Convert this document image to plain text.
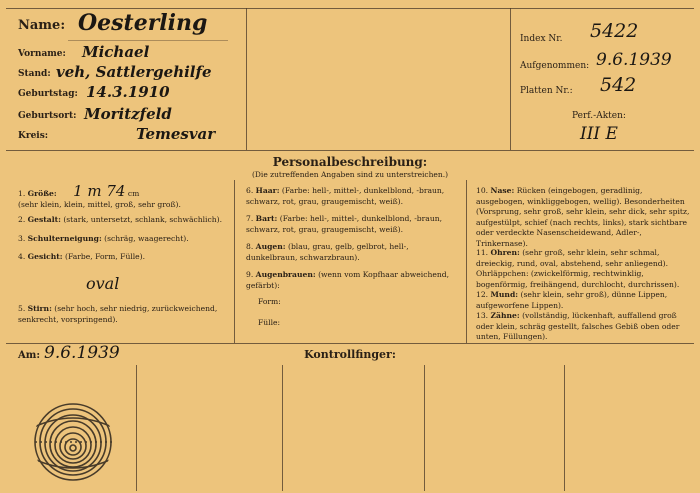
Name: Oesterling
Vorname: Michael
Stand: veh, Sattlergehilfe
Geburtstag: 14.3.1910
Geburtsort: Moritzfeld
Kreis:	Temesvar
Index Nr. 5422
Aufgenommen: 9.6.1939
Platten Nr.: 542
Perf.-Akten:
III E
Personalbeschreibung:
(Die zutreffenden Angaben sind zu unterstreichen.)
1. Größe: 1 m 74 cm
(sehr klein, klein, mittel, groß, sehr groß).
2. Gestalt: (stark, untersetzt, schlank, schwächlich).
3. Schulterneigung: (schräg, waagerecht).
4. Gesicht: (Farbe, Form, Fülle).
oval
5. Stirn: (sehr hoch, sehr niedrig, zurückweichend, senkrecht, vorspringend).
6. Haar: (Farbe: hell-, mittel-, dunkelblond, -braun, schwarz, rot, grau, graugemischt, weiß).
7. Bart: (Farbe: hell-, mittel-, dunkelblond, -braun, schwarz, rot, grau, graugemischt, weiß).
8. Augen: (blau, grau, gelb, gelbrot, hell-, dunkelbraun, schwarzbraun).
9. Augenbrauen: (wenn vom Kopfhaar abweichend, gefärbt):
Form:
Fülle:
10. Nase: Rücken (eingebogen, geradlinig, ausgebogen, winkliggebogen, wellig). Besonderheiten (Vorsprung, sehr groß, sehr klein, sehr dick, sehr spitz, aufgestülpt, schief (nach rechts, links), stark sichtbare oder verdeckte Nasenscheidewand, Adler-, Trinkernase).
11. Ohren: (sehr groß, sehr klein, sehr schmal, dreieckig, rund, oval, abstehend, sehr anliegend). Ohrläppchen: (zwickelförmig, rechtwinklig, bogenförmig, freihängend, durchlocht, durchrissen).
12. Mund: (sehr klein, sehr groß), dünne Lippen, aufgeworfene Lippen).
13. Zähne: (vollständig, lückenhaft, auffallend groß oder klein, schräg gestellt, falsches Gebiß oben oder unten, Füllungen).
Am: 9.6.1939	Kontrollfinger:
